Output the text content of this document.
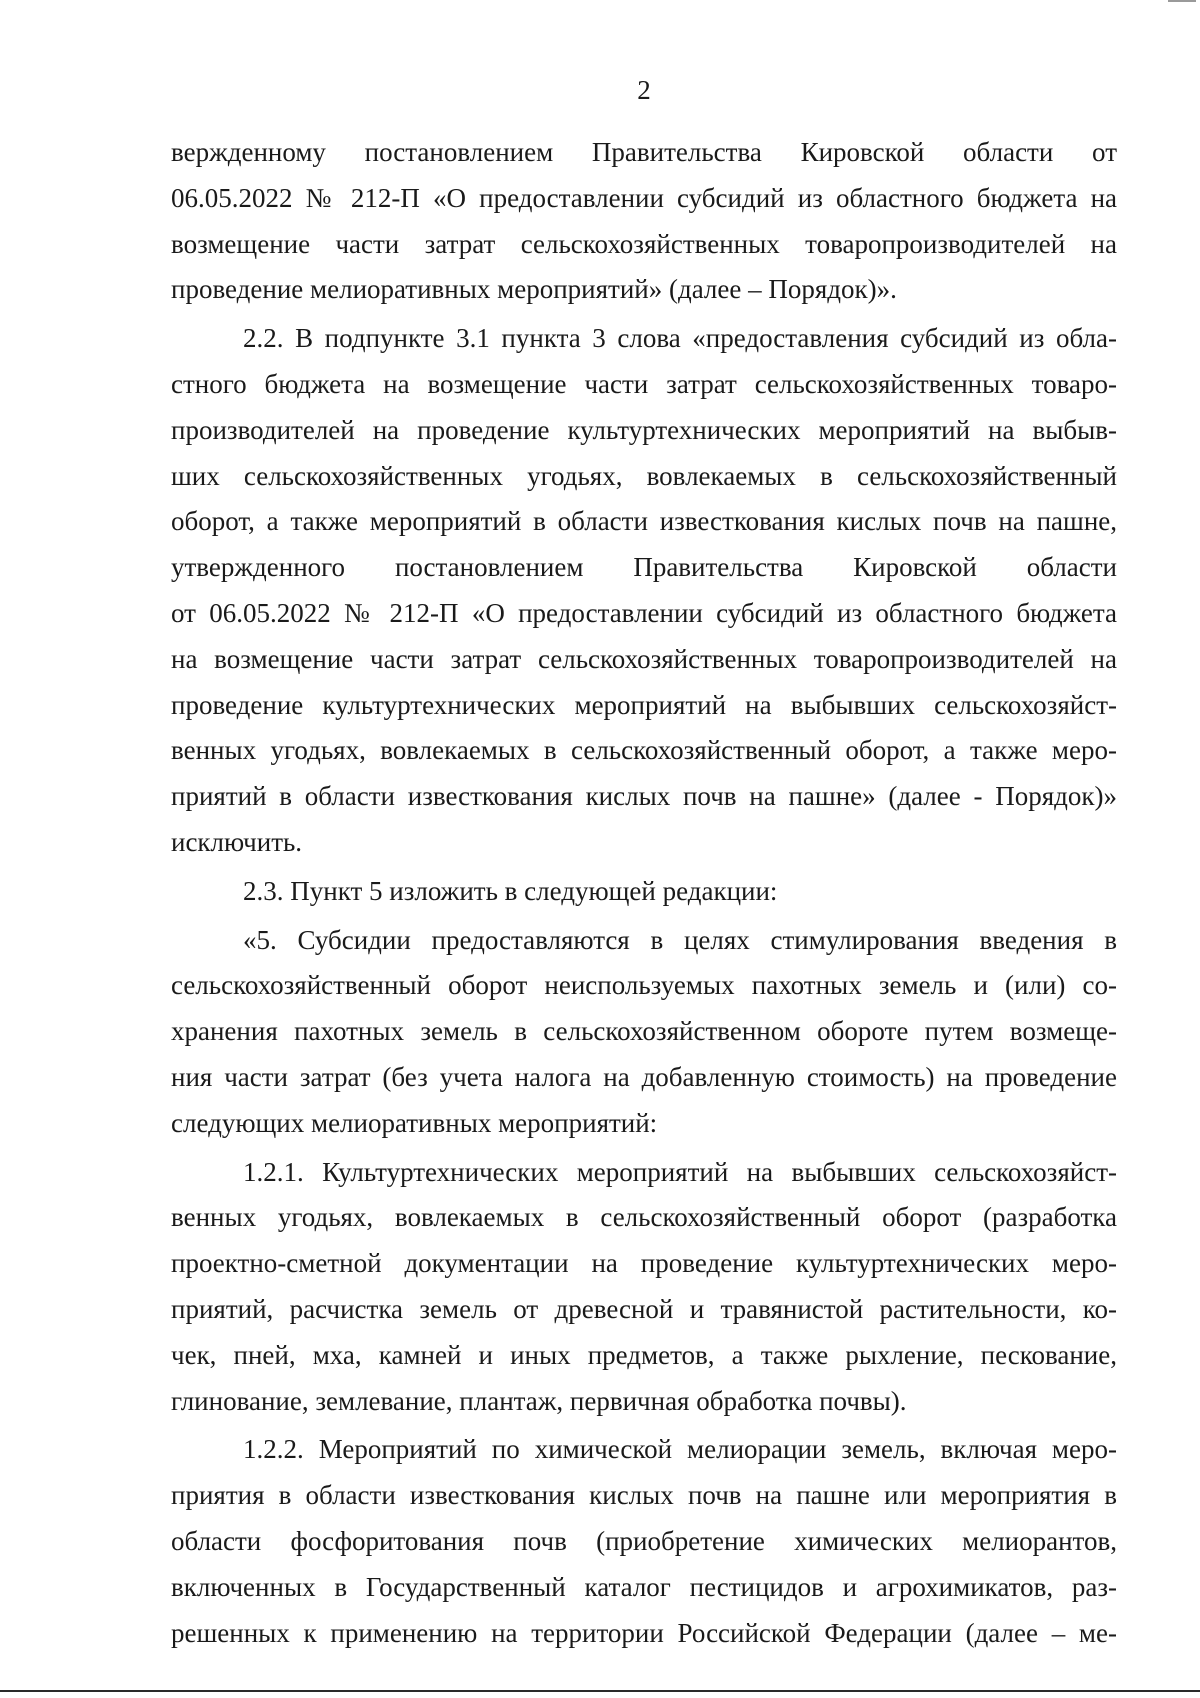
2
вержденному постановлением Правительства Кировской области от
06.05.2022 № 212-П «О предоставлении субсидий из областного бюджета на
возмещение части затрат сельскохозяйственных товаропроизводителей на
проведение мелиоративных мероприятий» (далее – Порядок)».
2.2. В подпункте 3.1 пункта 3 слова «предоставления субсидий из обла-
стного бюджета на возмещение части затрат сельскохозяйственных товаро-
производителей на проведение культуртехнических мероприятий на выбыв-
ших сельскохозяйственных угодьях, вовлекаемых в сельскохозяйственный
оборот, а также мероприятий в области известкования кислых почв на пашне,
утвержденного постановлением Правительства Кировской области
от 06.05.2022 № 212-П «О предоставлении субсидий из областного бюджета
на возмещение части затрат сельскохозяйственных товаропроизводителей на
проведение культуртехнических мероприятий на выбывших сельскохозяйст-
венных угодьях, вовлекаемых в сельскохозяйственный оборот, а также меро-
приятий в области известкования кислых почв на пашне» (далее - Порядок)»
исключить.
2.3. Пункт 5 изложить в следующей редакции:
«5. Субсидии предоставляются в целях стимулирования введения в
сельскохозяйственный оборот неиспользуемых пахотных земель и (или) со-
хранения пахотных земель в сельскохозяйственном обороте путем возмеще-
ния части затрат (без учета налога на добавленную стоимость) на проведение
следующих мелиоративных мероприятий:
1.2.1. Культуртехнических мероприятий на выбывших сельскохозяйст-
венных угодьях, вовлекаемых в сельскохозяйственный оборот (разработка
проектно-сметной документации на проведение культуртехнических меро-
приятий, расчистка земель от древесной и травянистой растительности, ко-
чек, пней, мха, камней и иных предметов, а также рыхление, пескование,
глинование, землевание, плантаж, первичная обработка почвы).
1.2.2. Мероприятий по химической мелиорации земель, включая меро-
приятия в области известкования кислых почв на пашне или мероприятия в
области фосфоритования почв (приобретение химических мелиорантов,
включенных в Государственный каталог пестицидов и агрохимикатов, раз-
решенных к применению на территории Российской Федерации (далее – ме-
